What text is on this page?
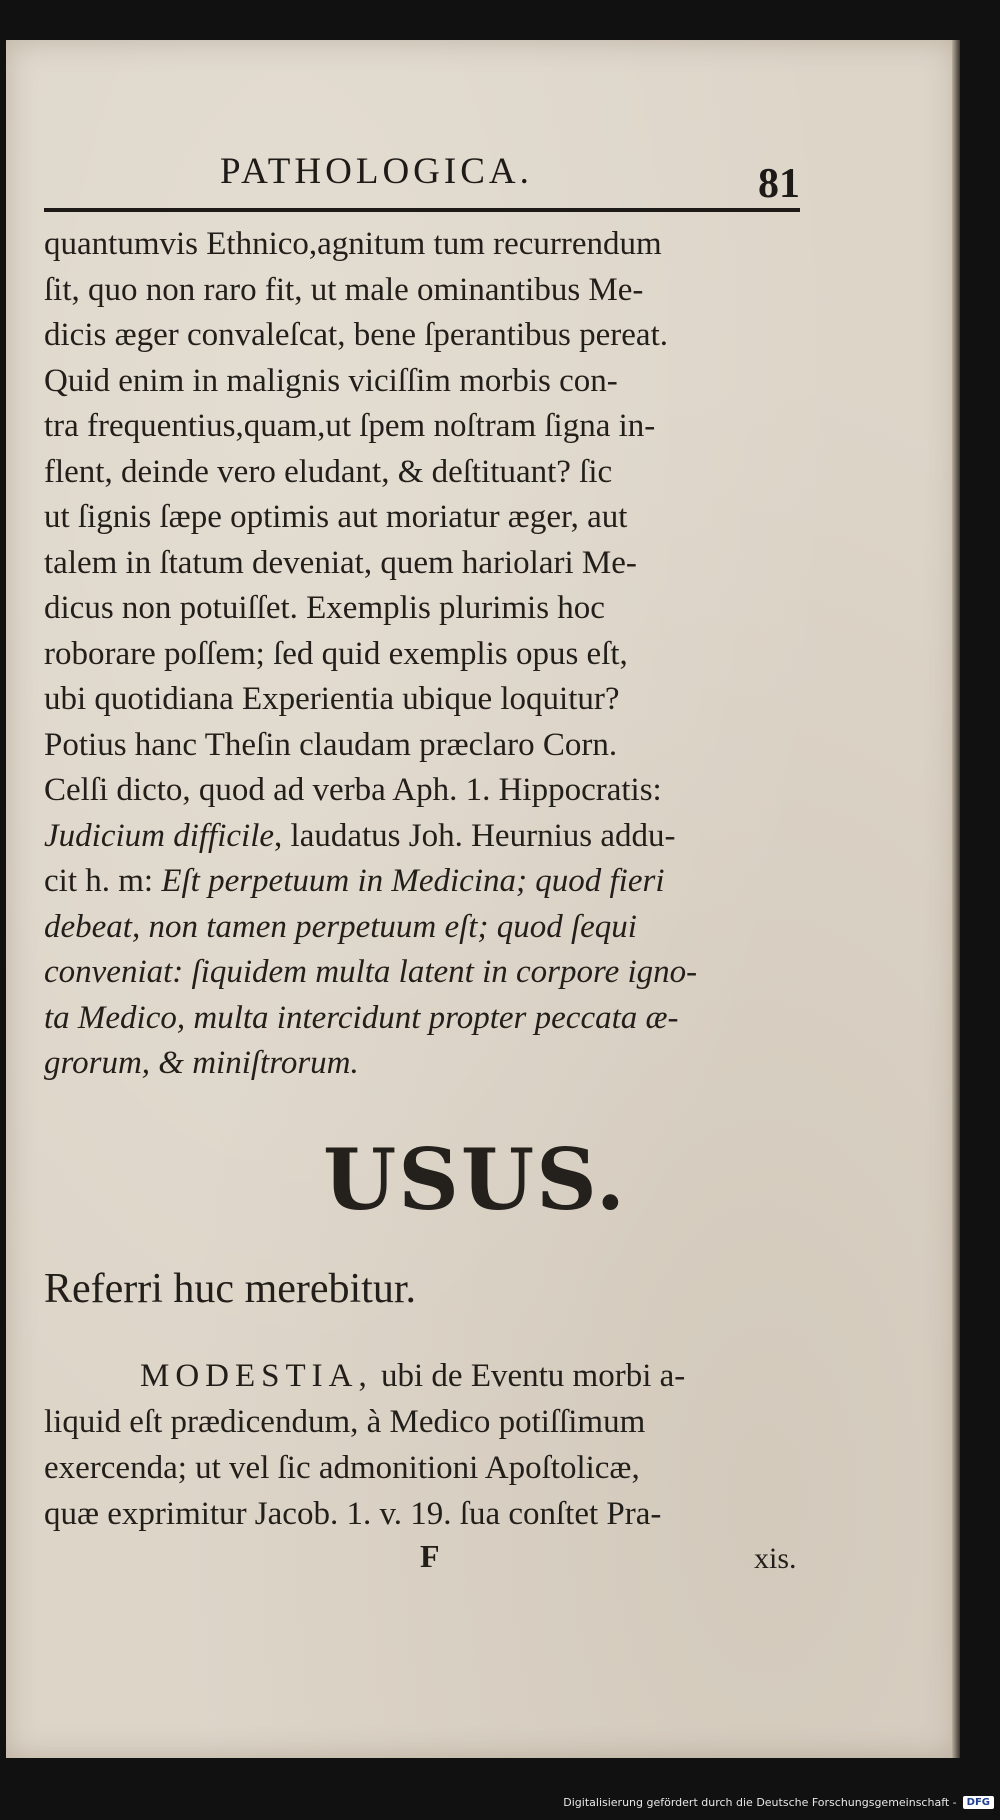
PATHOLOGICA.	81
quantumvis Ethnico,agnitum tum recurrendum
ſit, quo non raro fit, ut male ominantibus Me-
dicis æger convaleſcat, bene ſperantibus pereat.
Quid enim in malignis viciſſim morbis con-
tra frequentius,quam,ut ſpem noſtram ſigna in-
flent, deinde vero eludant, & deſtituant? ſic
ut ſignis ſæpe optimis aut moriatur æger, aut
talem in ſtatum deveniat, quem hariolari Me-
dicus non potuiſſet. Exemplis plurimis hoc
roborare poſſem; ſed quid exemplis opus eſt,
ubi quotidiana Experientia ubique loquitur?
Potius hanc Theſin claudam præclaro Corn.
Celſi dicto, quod ad verba Aph. 1. Hippocratis:
Judicium difficile , laudatus Joh. Heurnius addu-
cit h. m:
Eſt perpetuum in Medicina; quod fieri
debeat, non tamen perpetuum eſt; quod ſequi
conveniat: ſiquidem multa latent in corpore igno-
ta Medico, multa intercidunt propter peccata æ-
grorum, & miniſtrorum.
USUS.
Referri huc merebitur.
MODESTIA, ubi de Eventu morbi a-
liquid eſt prædicendum, à Medico potiſſimum
exercenda; ut vel ſic admonitioni Apoſtolicæ,
quæ exprimitur Jacob. 1. v. 19. ſua conſtet Pra-
F	xis.
Digitalisierung gefördert durch die Deutsche Forschungsgemeinschaft -	DFG
